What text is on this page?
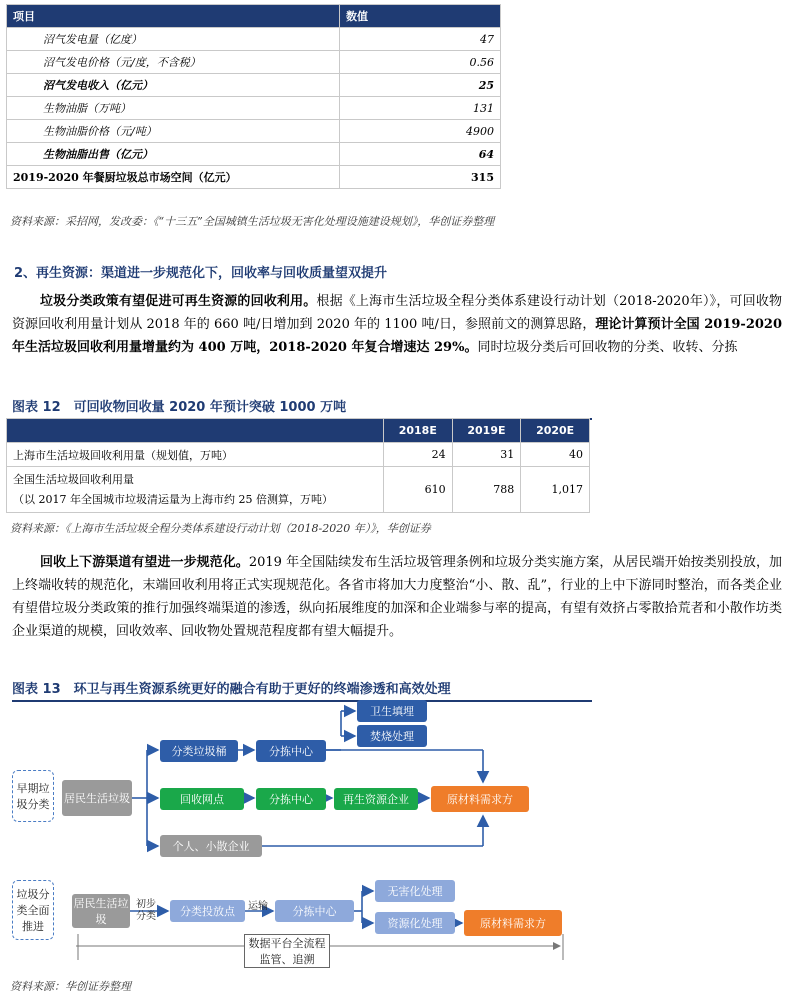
项目	数值
沼气发电量（亿度）	47
沼气发电价格（元/度，不含税）	0.56
沼气发电收入（亿元）	25
生物油脂（万吨）	131
生物油脂价格（元/吨）	4900
生物油脂出售（亿元）	64
2019-2020 年餐厨垃圾总市场空间（亿元）	315
资料来源：采招网，发改委：《“十三五”全国城镇生活垃圾无害化处理设施建设规划》，华创证券整理
2、再生资源：渠道进一步规范化下，回收率与回收质量望双提升
垃圾分类政策有望促进可再生资源的回收利用。根据《上海市生活垃圾全程分类体系建设行动计划（2018-2020年）》，可回收物资源回收利用量计划从 2018 年的 660 吨/日增加到 2020 年的 1100 吨/日，参照前文的测算思路，理论计算预计全国 2019-2020 年生活垃圾回收利用量增量约为 400 万吨，2018-2020 年复合增速达 29%。同时垃圾分类后可回收物的分类、收转、分拣
图表 12　可回收物回收量 2020 年预计突破 1000 万吨
	2018E	2019E	2020E
上海市生活垃圾回收利用量（规划值，万吨）	24	31	40

全国生活垃圾回收利用量
（以 2017 年全国城市垃圾清运量为上海市约 25 倍测算，万吨）	610	788	1,017
资料来源：《上海市生活垃圾全程分类体系建设行动计划（2018-2020 年）》，华创证券
回收上下游渠道有望进一步规范化。2019 年全国陆续发布生活垃圾管理条例和垃圾分类实施方案，从居民端开始按类别投放，加上终端收转的规范化，末端回收利用将正式实现规范化。各省市将加大力度整治“小、散、乱”，行业的上中下游同时整治，而各类企业有望借垃圾分类政策的推行加强终端渠道的渗透，纵向拓展维度的加深和企业端参与率的提高，有望有效挤占零散拾荒者和小散作坊类企业渠道的规模，回收效率、回收物处置规范程度都有望大幅提升。
图表 13　环卫与再生资源系统更好的融合有助于更好的终端渗透和高效处理
早期垃圾分类	居民生活垃圾
分类垃圾桶	分拣中心
卫生填埋
焚烧处理
回收网点	分拣中心	再生资源企业	原材料需求方
个人、小散企业
垃圾分类全面推进
居民生活垃圾
初步分类	分类投放点	运输	分拣中心
无害化处理
资源化处理	原材料需求方
数据平台全流程监管、追溯
资料来源：华创证券整理
